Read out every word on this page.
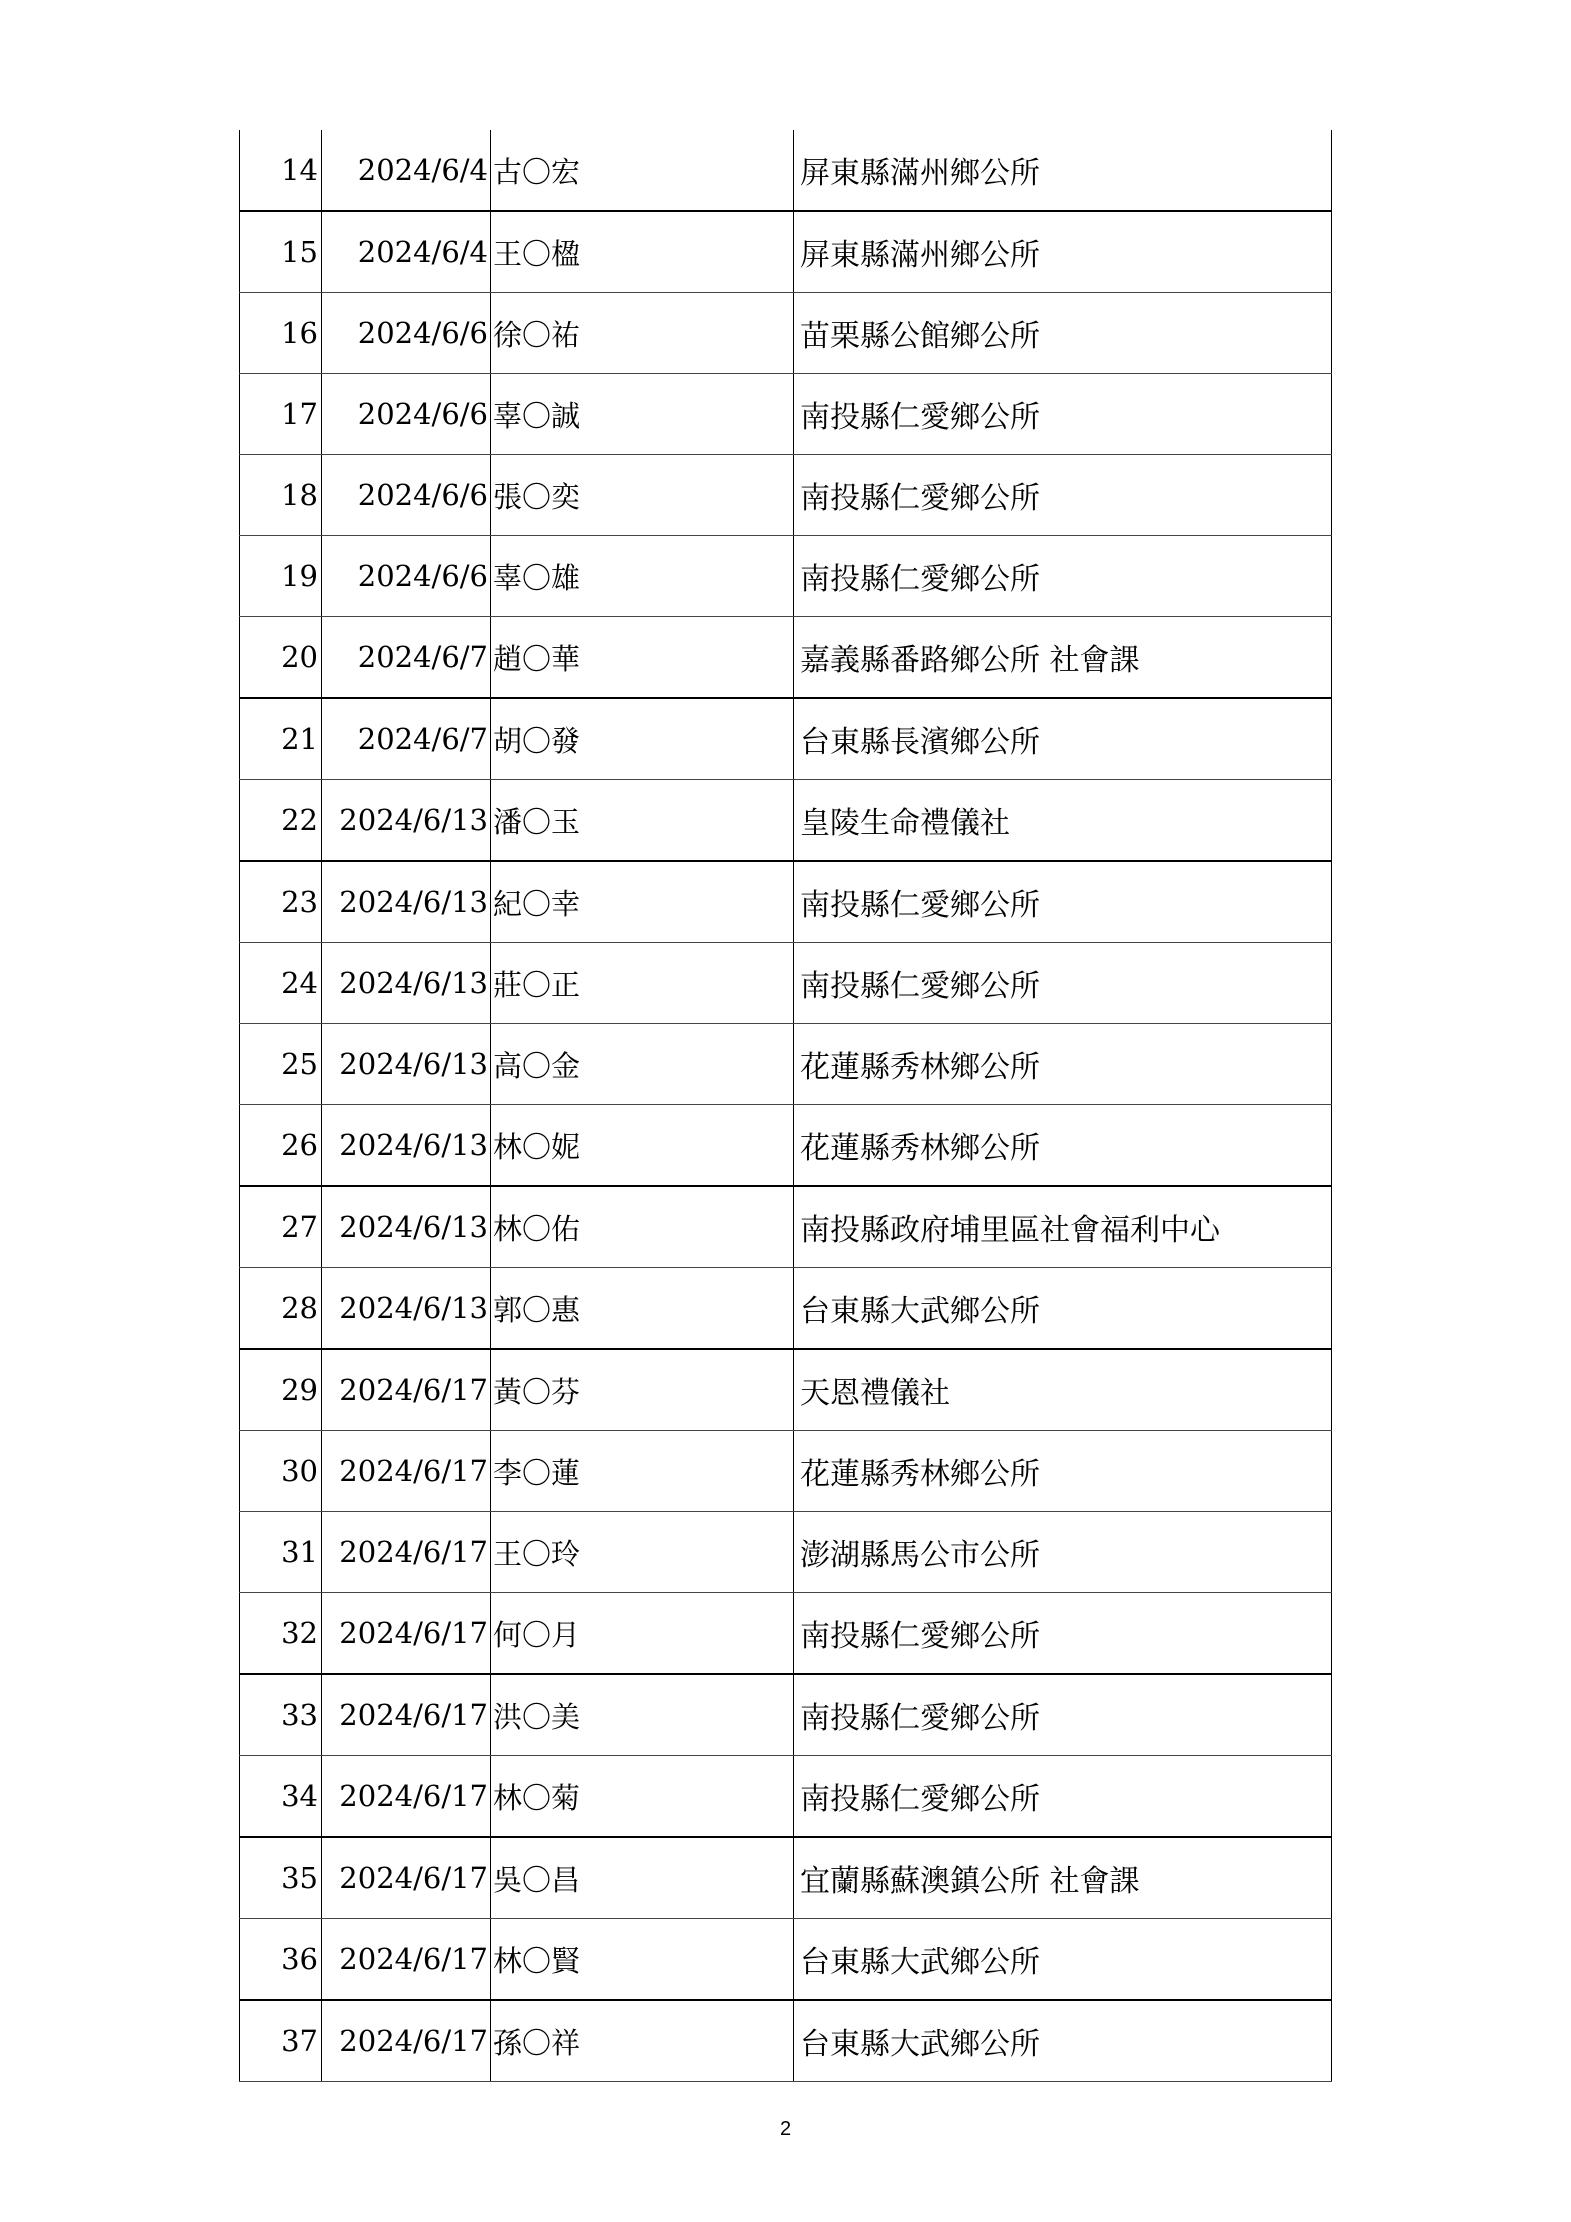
14	2024/6/4	古〇宏	屏東縣滿州鄉公所
15	2024/6/4	王〇楹	屏東縣滿州鄉公所
16	2024/6/6	徐〇祐	苗栗縣公館鄉公所
17	2024/6/6	辜〇誠	南投縣仁愛鄉公所
18	2024/6/6	張〇奕	南投縣仁愛鄉公所
19	2024/6/6	辜〇雄	南投縣仁愛鄉公所
20	2024/6/7	趙〇華	嘉義縣番路鄉公所 社會課
21	2024/6/7	胡〇發	台東縣長濱鄉公所
22	2024/6/13	潘〇玉	皇陵生命禮儀社
23	2024/6/13	紀〇幸	南投縣仁愛鄉公所
24	2024/6/13	莊〇正	南投縣仁愛鄉公所
25	2024/6/13	高〇金	花蓮縣秀林鄉公所
26	2024/6/13	林〇妮	花蓮縣秀林鄉公所
27	2024/6/13	林〇佑	南投縣政府埔里區社會福利中心
28	2024/6/13	郭〇惠	台東縣大武鄉公所
29	2024/6/17	黃〇芬	天恩禮儀社
30	2024/6/17	李〇蓮	花蓮縣秀林鄉公所
31	2024/6/17	王〇玲	澎湖縣馬公市公所
32	2024/6/17	何〇月	南投縣仁愛鄉公所
33	2024/6/17	洪〇美	南投縣仁愛鄉公所
34	2024/6/17	林〇菊	南投縣仁愛鄉公所
35	2024/6/17	吳〇昌	宜蘭縣蘇澳鎮公所 社會課
36	2024/6/17	林〇賢	台東縣大武鄉公所
37	2024/6/17	孫〇祥	台東縣大武鄉公所
2
